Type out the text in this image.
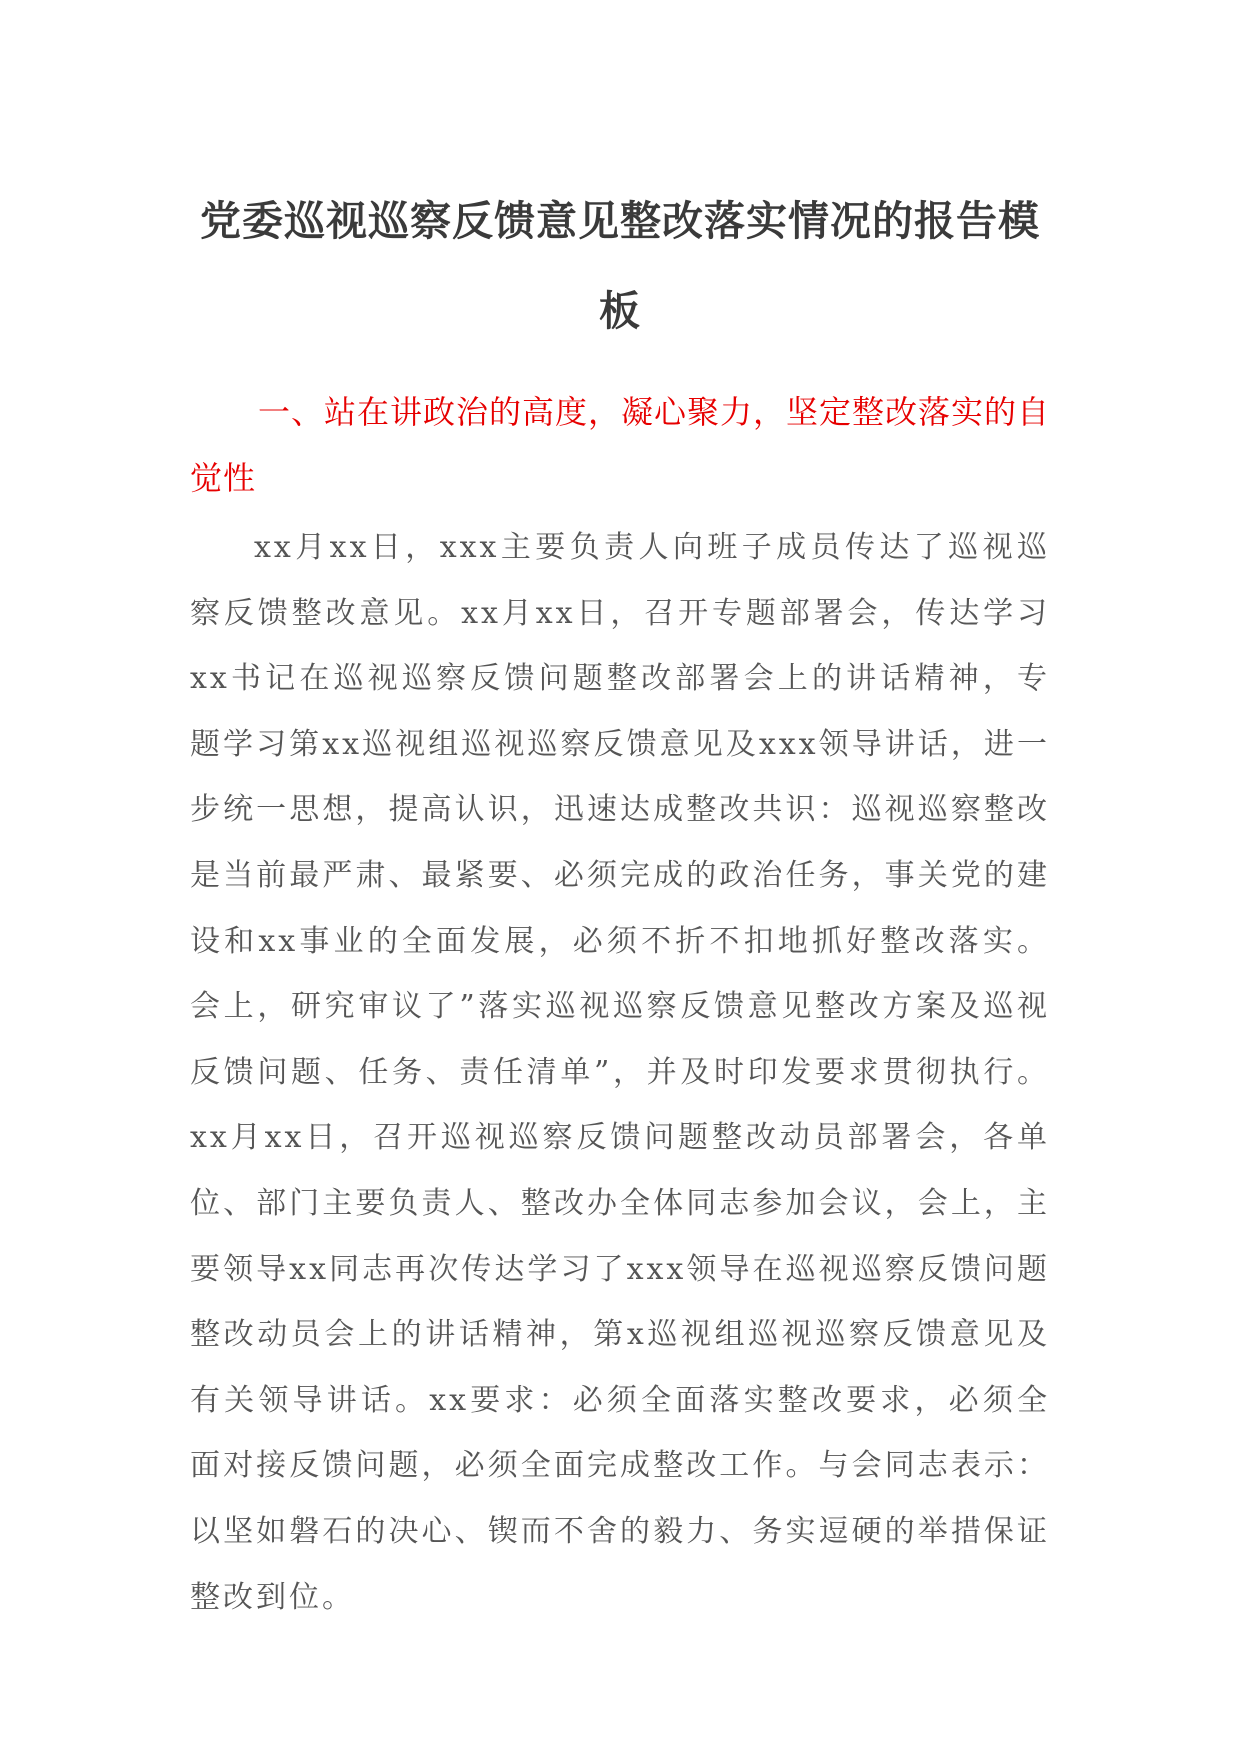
党委巡视巡察反馈意见整改落实情况的报告模板
一、站在讲政治的高度，凝心聚力，坚定整改落实的自觉性

xx月xx日，xxx主要负责人向班子成员传达了巡视巡察反馈整改意见。xx月xx日，召开专题部署会，传达学习xx书记在巡视巡察反馈问题整改部署会上的讲话精神，专题学习第xx巡视组巡视巡察反馈意见及xxx领导讲话，进一步统一思想，提高认识，迅速达成整改共识：巡视巡察整改是当前最严肃、最紧要、必须完成的政治任务，事关党的建设和xx事业的全面发展，必须不折不扣地抓好整改落实。会上，研究审议了”落实巡视巡察反馈意见整改方案及巡视反馈问题、任务、责任清单”，并及时印发要求贯彻执行。xx月xx日，召开巡视巡察反馈问题整改动员部署会，各单位、部门主要负责人、整改办全体同志参加会议，会上，主要领导xx同志再次传达学习了xxx领导在巡视巡察反馈问题整改动员会上的讲话精神，第x巡视组巡视巡察反馈意见及有关领导讲话。xx要求：必须全面落实整改要求，必须全面对接反馈问题，必须全面完成整改工作。与会同志表示：以坚如磐石的决心、锲而不舍的毅力、务实逗硬的举措保证整改到位。
